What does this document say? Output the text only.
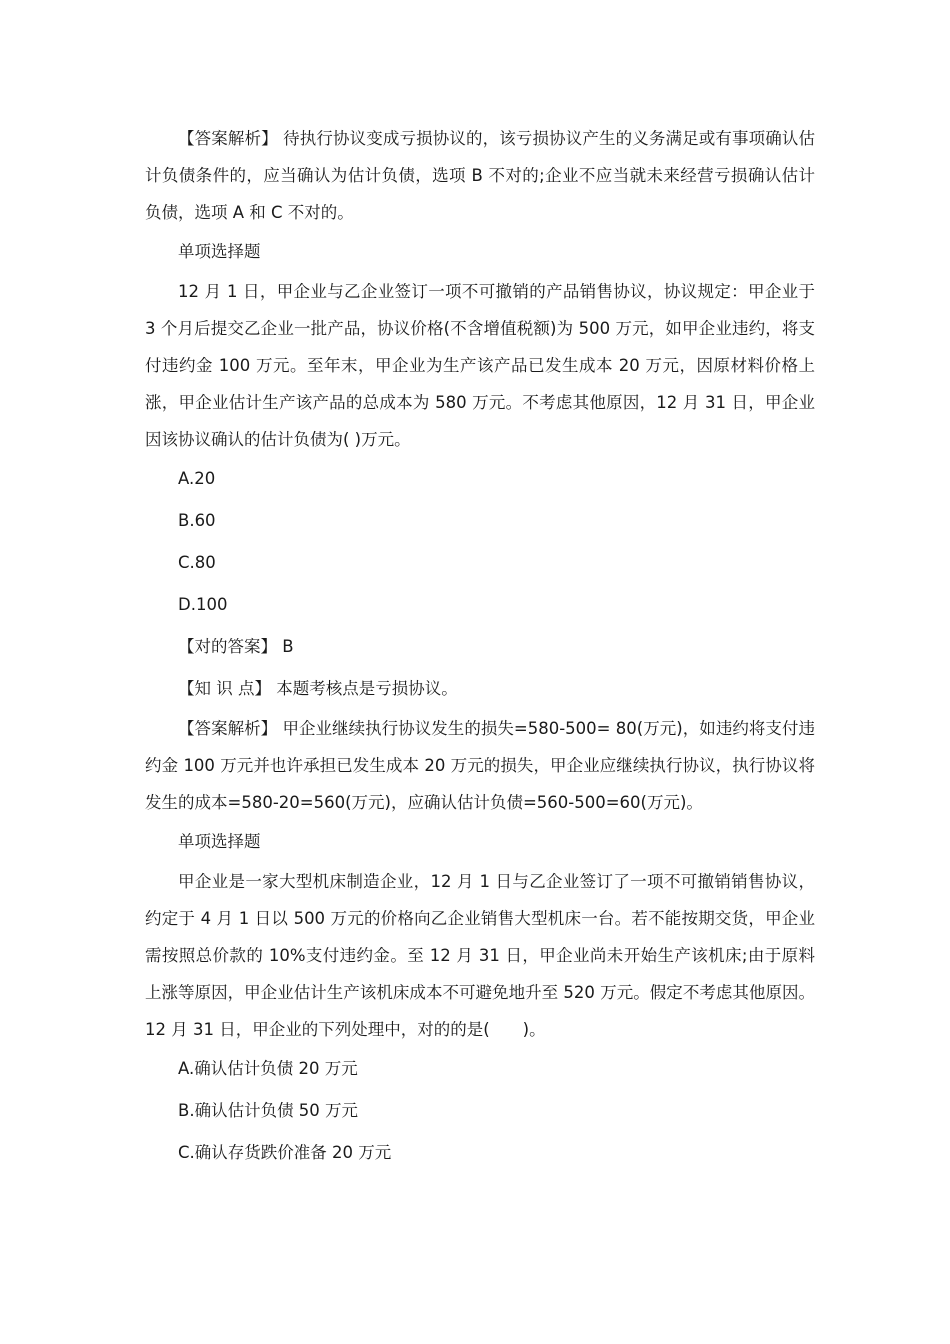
【答案解析】 待执行协议变成亏损协议的，该亏损协议产生的义务满足或有事项确认估计负债条件的，应当确认为估计负债，选项 B 不对的;企业不应当就未来经营亏损确认估计负债，选项 A 和 C 不对的。

单项选择题

12 月 1 日，甲企业与乙企业签订一项不可撤销的产品销售协议，协议规定：甲企业于 3 个月后提交乙企业一批产品，协议价格(不含增值税额)为 500 万元，如甲企业违约，将支付违约金 100 万元。至年末，甲企业为生产该产品已发生成本 20 万元，因原材料价格上涨，甲企业估计生产该产品的总成本为 580 万元。不考虑其他原因，12 月 31 日，甲企业因该协议确认的估计负债为( )万元。

A.20

B.60

C.80

D.100

【对的答案】 B

【知 识 点】 本题考核点是亏损协议。

【答案解析】 甲企业继续执行协议发生的损失=580-500= 80(万元)，如违约将支付违约金 100 万元并也许承担已发生成本 20 万元的损失，甲企业应继续执行协议，执行协议将发生的成本=580-20=560(万元)，应确认估计负债=560-500=60(万元)。

单项选择题

甲企业是一家大型机床制造企业，12 月 1 日与乙企业签订了一项不可撤销销售协议，约定于 4 月 1 日以 500 万元的价格向乙企业销售大型机床一台。若不能按期交货，甲企业需按照总价款的 10%支付违约金。至 12 月 31 日，甲企业尚未开始生产该机床;由于原料上涨等原因，甲企业估计生产该机床成本不可避免地升至 520 万元。假定不考虑其他原因。12 月 31 日，甲企业的下列处理中，对的的是(　　)。

A.确认估计负债 20 万元

B.确认估计负债 50 万元

C.确认存货跌价准备 20 万元
